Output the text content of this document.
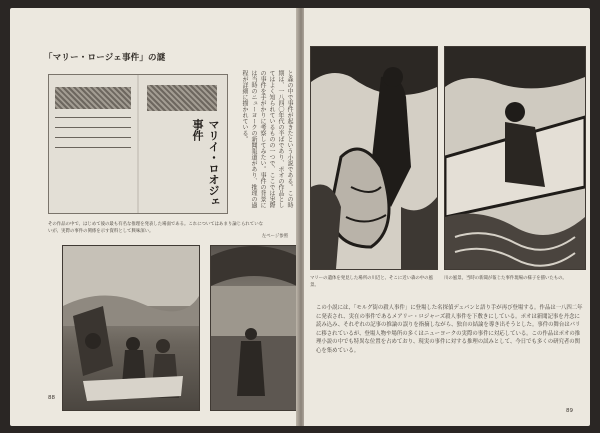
「マリー・ロージェ事件」の謎
マリイ・ロオジェ事件	と森の中で事件が起きたという小説である。この時期は、一八四〇年代の半ばであり、ポオの作品としてはよく知られているものの一つで、ここでは実際の事件を手がかりに考察してみたい。事件の背景には当時のニューヨークの新聞報道があり、推理の過程が詳細に描かれている。
その作品の中で、はじめて彼の最も有名な推理を発表した場面である。これについてはあまり論じられていないが、実際の事件の関係を示す資料として興味深い。
左ページ参照
88
マリーの遺体を発見した場所の川辺と、そこに近い森の中の風景。
川の風景。当時の新聞が報じた事件現場の様子を描いたもの。
この小説には、「モルグ街の殺人事件」に登場した名探偵デュパンと語り手が再び登場する。作品は一八四二年に発表され、実在の事件であるメアリー・ロジャーズ殺人事件を下敷きにしている。ポオは新聞記事を丹念に読み込み、それぞれの記事の推論の誤りを指摘しながら、独自の結論を導き出そうとした。事件の舞台はパリに移されているが、登場人物や場所の多くはニューヨークの実際の事件に対応している。この作品はポオの推理小説の中でも特異な位置を占めており、現実の事件に対する推理の試みとして、今日でも多くの研究者の関心を集めている。
89
